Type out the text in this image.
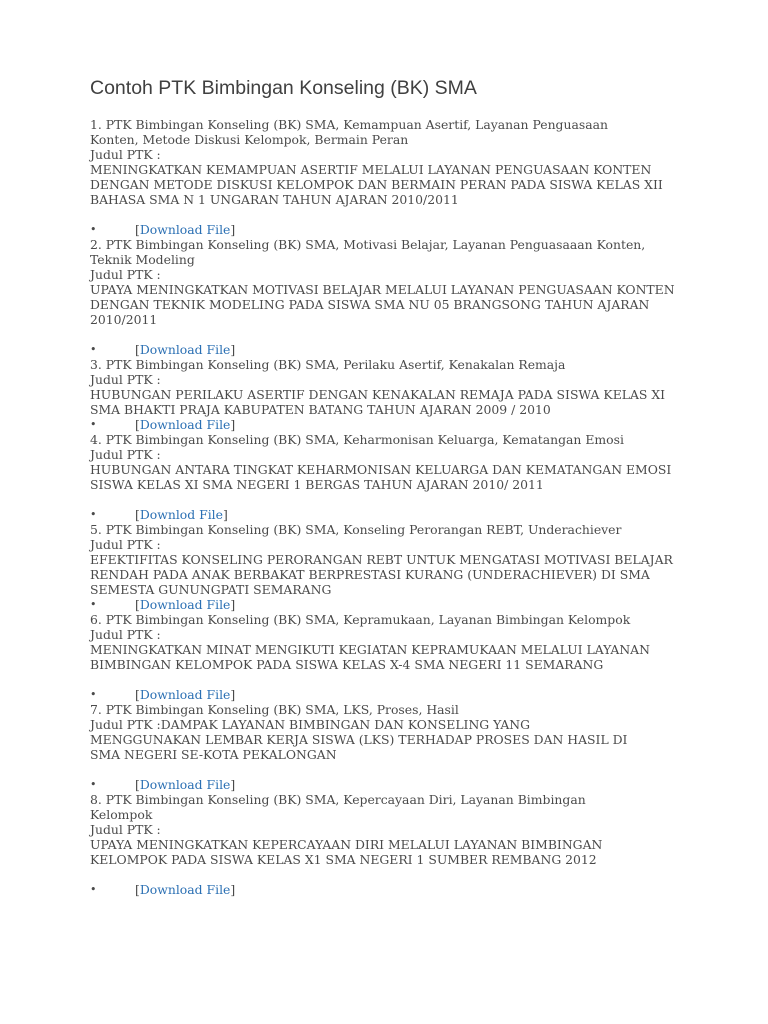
Contoh PTK Bimbingan Konseling (BK) SMA

1. PTK Bimbingan Konseling (BK) SMA, Kemampuan Asertif, Layanan Penguasaan Konten, Metode Diskusi Kelompok, Bermain Peran

Judul PTK :

MENINGKATKAN KEMAMPUAN ASERTIF MELALUI LAYANAN PENGUASAAN KONTEN DENGAN METODE DISKUSI KELOMPOK DAN BERMAIN PERAN PADA SISWA KELAS XII BAHASA SMA N 1 UNGARAN TAHUN AJARAN 2010/2011

•	[Download File]

2. PTK Bimbingan Konseling (BK) SMA, Motivasi Belajar, Layanan Penguasaaan Konten, Teknik Modeling

Judul PTK :

UPAYA MENINGKATKAN MOTIVASI BELAJAR MELALUI LAYANAN PENGUASAAN KONTEN DENGAN TEKNIK MODELING PADA SISWA SMA NU 05 BRANGSONG TAHUN AJARAN 2010/2011

•	[Download File]

3. PTK Bimbingan Konseling (BK) SMA, Perilaku Asertif, Kenakalan Remaja

Judul PTK :

HUBUNGAN PERILAKU ASERTIF DENGAN KENAKALAN REMAJA PADA SISWA KELAS XI SMA BHAKTI PRAJA KABUPATEN BATANG TAHUN AJARAN 2009 / 2010

•	[Download File]

4. PTK Bimbingan Konseling (BK) SMA, Keharmonisan Keluarga, Kematangan Emosi

Judul PTK :

HUBUNGAN ANTARA TINGKAT KEHARMONISAN KELUARGA DAN KEMATANGAN EMOSI SISWA KELAS XI SMA NEGERI 1 BERGAS TAHUN AJARAN 2010/ 2011

•	[Downlod File]

5. PTK Bimbingan Konseling (BK) SMA, Konseling Perorangan REBT, Underachiever

Judul PTK :

EFEKTIFITAS KONSELING PERORANGAN REBT UNTUK MENGATASI MOTIVASI BELAJAR RENDAH PADA ANAK BERBAKAT BERPRESTASI KURANG (UNDERACHIEVER) DI SMA SEMESTA GUNUNGPATI SEMARANG

•	[Download File]

6. PTK Bimbingan Konseling (BK) SMA, Kepramukaan, Layanan Bimbingan Kelompok

Judul PTK :

MENINGKATKAN MINAT MENGIKUTI KEGIATAN KEPRAMUKAAN MELALUI LAYANAN BIMBINGAN KELOMPOK PADA SISWA KELAS X-4 SMA NEGERI 11 SEMARANG

•	[Download File]

7. PTK Bimbingan Konseling (BK) SMA, LKS, Proses, Hasil

Judul PTK :DAMPAK LAYANAN BIMBINGAN DAN KONSELING YANG

MENGGUNAKAN LEMBAR KERJA SISWA (LKS) TERHADAP PROSES DAN HASIL DI SMA NEGERI SE-KOTA PEKALONGAN

•	[Download File]

8. PTK Bimbingan Konseling (BK) SMA, Kepercayaan Diri, Layanan Bimbingan Kelompok

Judul PTK :

UPAYA MENINGKATKAN KEPERCAYAAN DIRI MELALUI LAYANAN BIMBINGAN KELOMPOK PADA SISWA KELAS X1 SMA NEGERI 1 SUMBER REMBANG 2012

•	[Download File]
